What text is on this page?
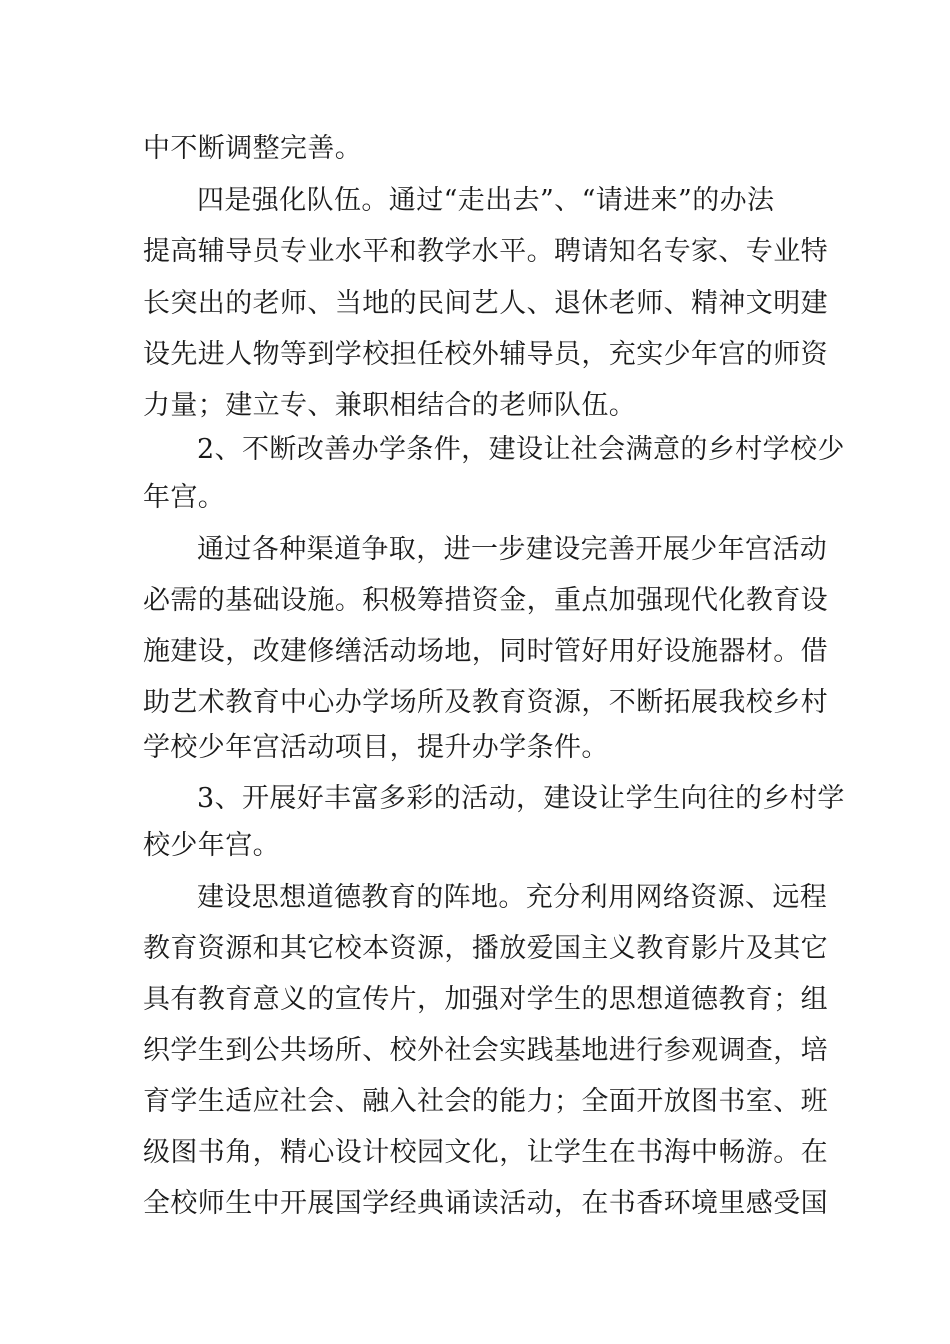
中不断调整完善。
四是强化队伍。通过“走出去”、“请进来”的办法
提高辅导员专业水平和教学水平。聘请知名专家、专业特
长突出的老师、当地的民间艺人、退休老师、精神文明建
设先进人物等到学校担任校外辅导员，充实少年宫的师资
力量；建立专、兼职相结合的老师队伍。
2、不断改善办学条件，建设让社会满意的乡村学校少
年宫。
通过各种渠道争取，进一步建设完善开展少年宫活动
必需的基础设施。积极筹措资金，重点加强现代化教育设
施建设，改建修缮活动场地，同时管好用好设施器材。借
助艺术教育中心办学场所及教育资源，不断拓展我校乡村
学校少年宫活动项目，提升办学条件。
3、开展好丰富多彩的活动，建设让学生向往的乡村学
校少年宫。
建设思想道德教育的阵地。充分利用网络资源、远程
教育资源和其它校本资源，播放爱国主义教育影片及其它
具有教育意义的宣传片，加强对学生的思想道德教育；组
织学生到公共场所、校外社会实践基地进行参观调查，培
育学生适应社会、融入社会的能力；全面开放图书室、班
级图书角，精心设计校园文化，让学生在书海中畅游。在
全校师生中开展国学经典诵读活动，在书香环境里感受国
